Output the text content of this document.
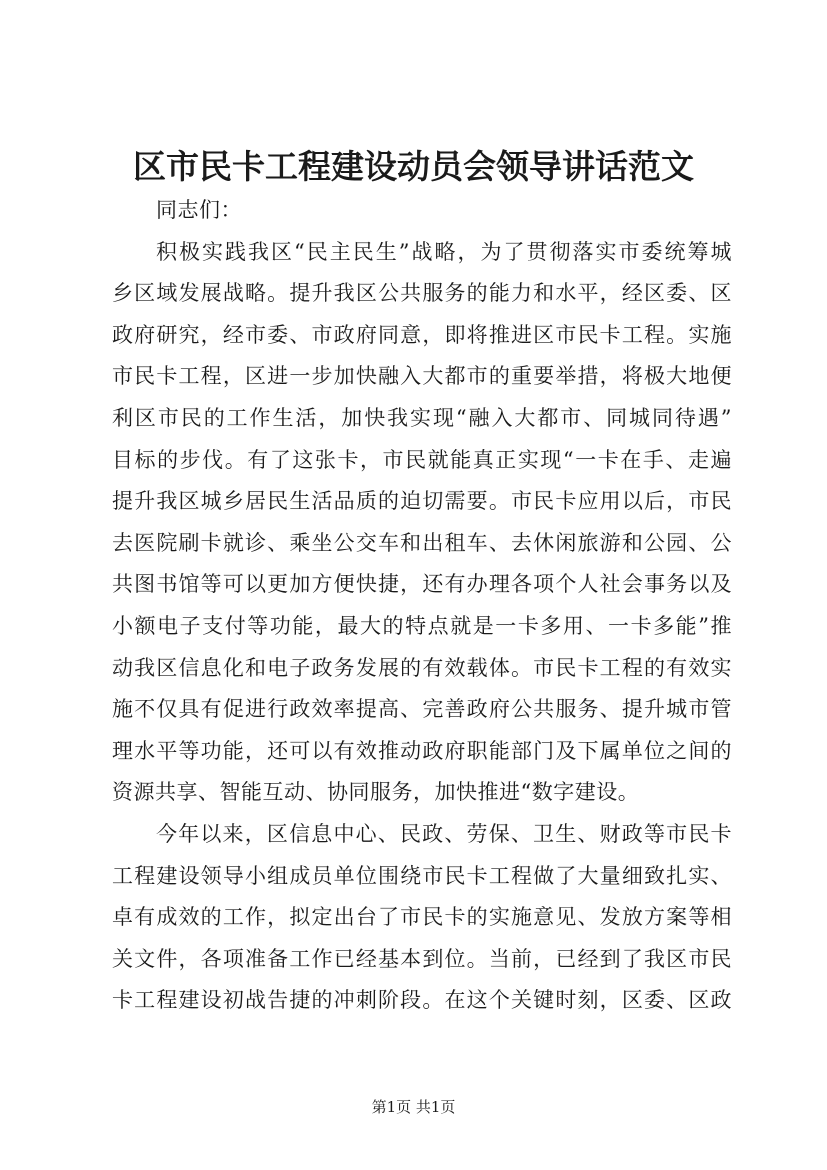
区市民卡工程建设动员会领导讲话范文
同志们：
积极实践我区“民主民生”战略，为了贯彻落实市委统筹城
乡区域发展战略。提升我区公共服务的能力和水平，经区委、区
政府研究，经市委、市政府同意，即将推进区市民卡工程。实施
市民卡工程，区进一步加快融入大都市的重要举措，将极大地便
利区市民的工作生活，加快我实现“融入大都市、同城同待遇”
目标的步伐。有了这张卡，市民就能真正实现“一卡在手、走遍
提升我区城乡居民生活品质的迫切需要。市民卡应用以后，市民
去医院刷卡就诊、乘坐公交车和出租车、去休闲旅游和公园、公
共图书馆等可以更加方便快捷，还有办理各项个人社会事务以及
小额电子支付等功能，最大的特点就是一卡多用、一卡多能”推
动我区信息化和电子政务发展的有效载体。市民卡工程的有效实
施不仅具有促进行政效率提高、完善政府公共服务、提升城市管
理水平等功能，还可以有效推动政府职能部门及下属单位之间的
资源共享、智能互动、协同服务，加快推进“数字建设。
今年以来，区信息中心、民政、劳保、卫生、财政等市民卡
工程建设领导小组成员单位围绕市民卡工程做了大量细致扎实、
卓有成效的工作，拟定出台了市民卡的实施意见、发放方案等相
关文件，各项准备工作已经基本到位。当前，已经到了我区市民
卡工程建设初战告捷的冲刺阶段。在这个关键时刻，区委、区政
第1页 共1页
